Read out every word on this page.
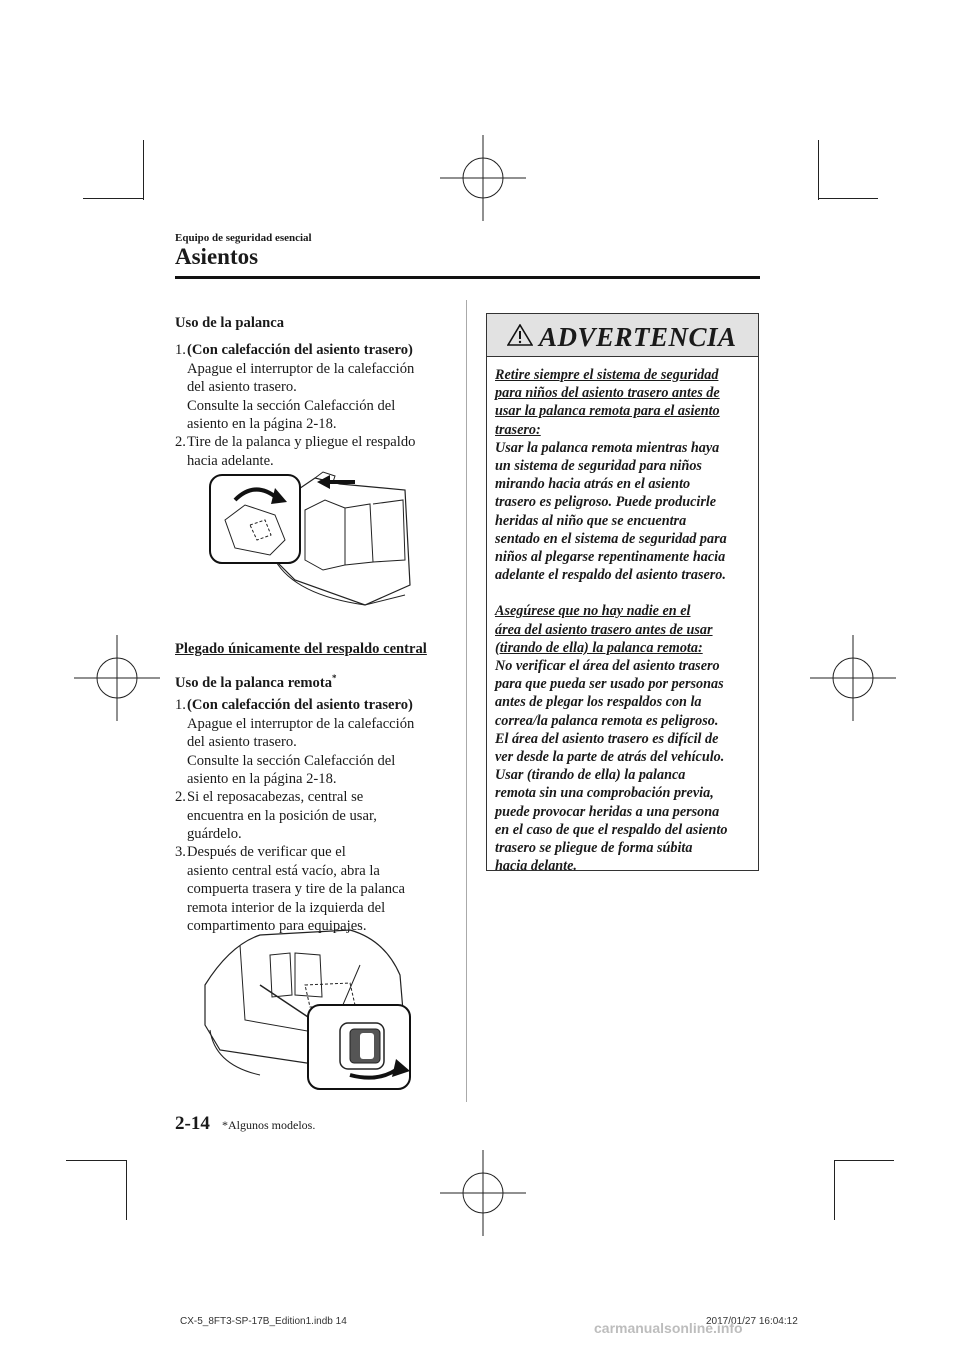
Equipo de seguridad esencial
Asientos
Uso de la palanca
1. (Con calefacción del asiento trasero)
Apague el interruptor de la calefacción
del asiento trasero.
Consulte la sección Calefacción del
asiento en la página 2-18.
2. Tire de la palanca y pliegue el respaldo
hacia adelante.
Plegado únicamente del respaldo central
Uso de la palanca remota*
1. (Con calefacción del asiento trasero)
Apague el interruptor de la calefacción
del asiento trasero.
Consulte la sección Calefacción del
asiento en la página 2-18.
2. Si el reposacabezas, central se
encuentra en la posición de usar,
guárdelo.
3. Después de verificar que el
asiento central está vacío, abra la
compuerta trasera y tire de la palanca
remota interior de la izquierda del
compartimento para equipajes.
ADVERTENCIA

Retire siempre el sistema de seguridad

para niños del asiento trasero antes de

usar la palanca remota para el asiento

trasero:

Usar la palanca remota mientras haya

un sistema de seguridad para niños

mirando hacia atrás en el asiento

trasero es peligroso. Puede producirle

heridas al niño que se encuentra

sentado en el sistema de seguridad para

niños al plegarse repentinamente hacia

adelante el respaldo del asiento trasero.

Asegúrese que no hay nadie en el

área del asiento trasero antes de usar

(tirando de ella) la palanca remota:

No verificar el área del asiento trasero

para que pueda ser usado por personas

antes de plegar los respaldos con la

correa/la palanca remota es peligroso.

El área del asiento trasero es difícil de

ver desde la parte de atrás del vehículo.

Usar (tirando de ella) la palanca

remota sin una comprobación previa,

puede provocar heridas a una persona

en el caso de que el respaldo del asiento

trasero se pliegue de forma súbita

hacia delante.

2-14 *Algunos modelos.
CX-5_8FT3-SP-17B_Edition1.indb 14	2017/01/27 16:04:12
carmanualsonline.info
